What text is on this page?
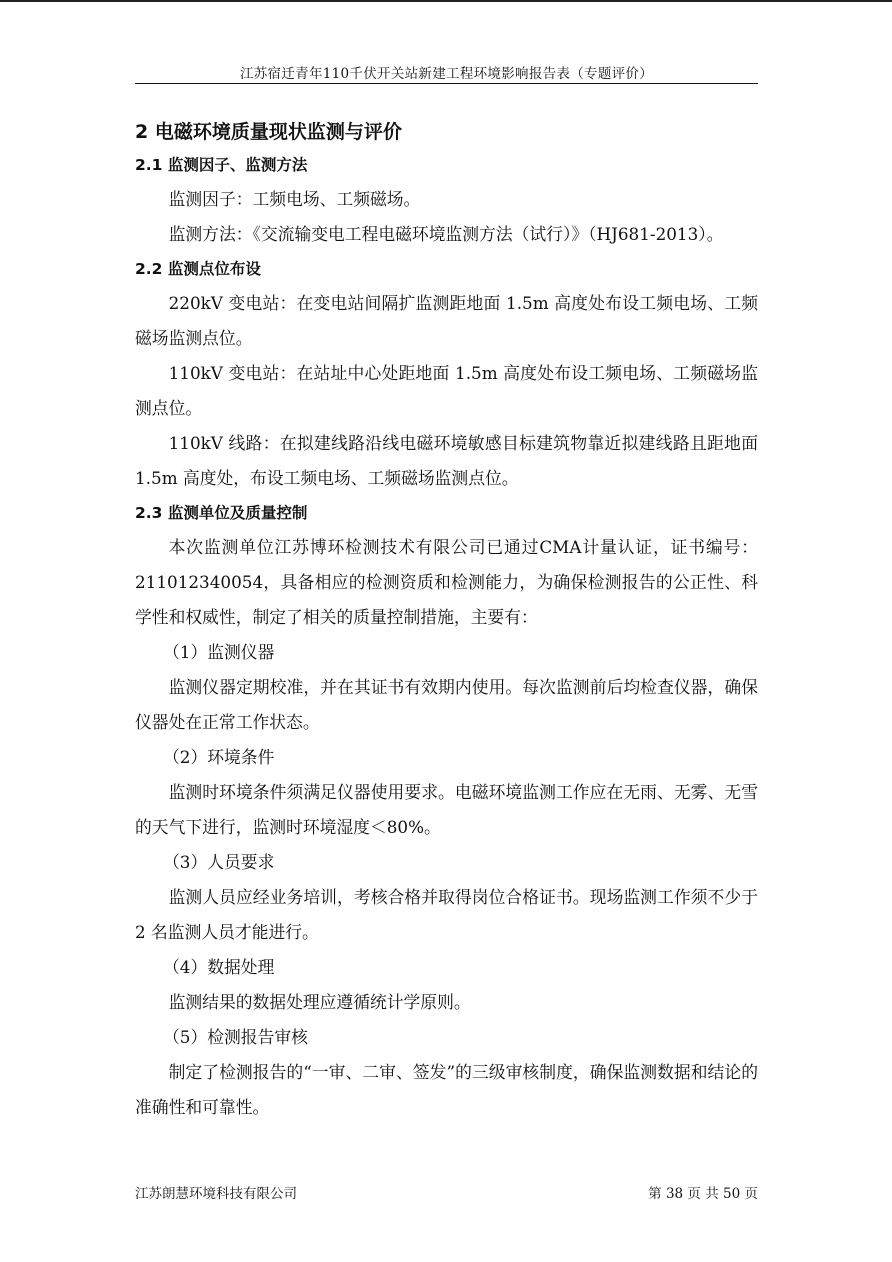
江苏宿迁青年110千伏开关站新建工程环境影响报告表（专题评价）

2 电磁环境质量现状监测与评价

2.1 监测因子、监测方法

监测因子：工频电场、工频磁场。

监测方法：《交流输变电工程电磁环境监测方法（试行）》（HJ681-2013）。

2.2 监测点位布设

220kV 变电站：在变电站间隔扩监测距地面 1.5m 高度处布设工频电场、工频磁场监测点位。

110kV 变电站：在站址中心处距地面 1.5m 高度处布设工频电场、工频磁场监测点位。

110kV 线路：在拟建线路沿线电磁环境敏感目标建筑物靠近拟建线路且距地面 1.5m 高度处，布设工频电场、工频磁场监测点位。

2.3 监测单位及质量控制

本次监测单位江苏博环检测技术有限公司已通过CMA计量认证，证书编号：211012340054，具备相应的检测资质和检测能力，为确保检测报告的公正性、科学性和权威性，制定了相关的质量控制措施，主要有：

（1）监测仪器

监测仪器定期校准，并在其证书有效期内使用。每次监测前后均检查仪器，确保仪器处在正常工作状态。

（2）环境条件

监测时环境条件须满足仪器使用要求。电磁环境监测工作应在无雨、无雾、无雪的天气下进行，监测时环境湿度＜80%。

（3）人员要求

监测人员应经业务培训，考核合格并取得岗位合格证书。现场监测工作须不少于 2 名监测人员才能进行。

（4）数据处理

监测结果的数据处理应遵循统计学原则。

（5）检测报告审核

制定了检测报告的“一审、二审、签发”的三级审核制度，确保监测数据和结论的准确性和可靠性。

江苏朗慧环境科技有限公司	第 38 页 共 50 页
